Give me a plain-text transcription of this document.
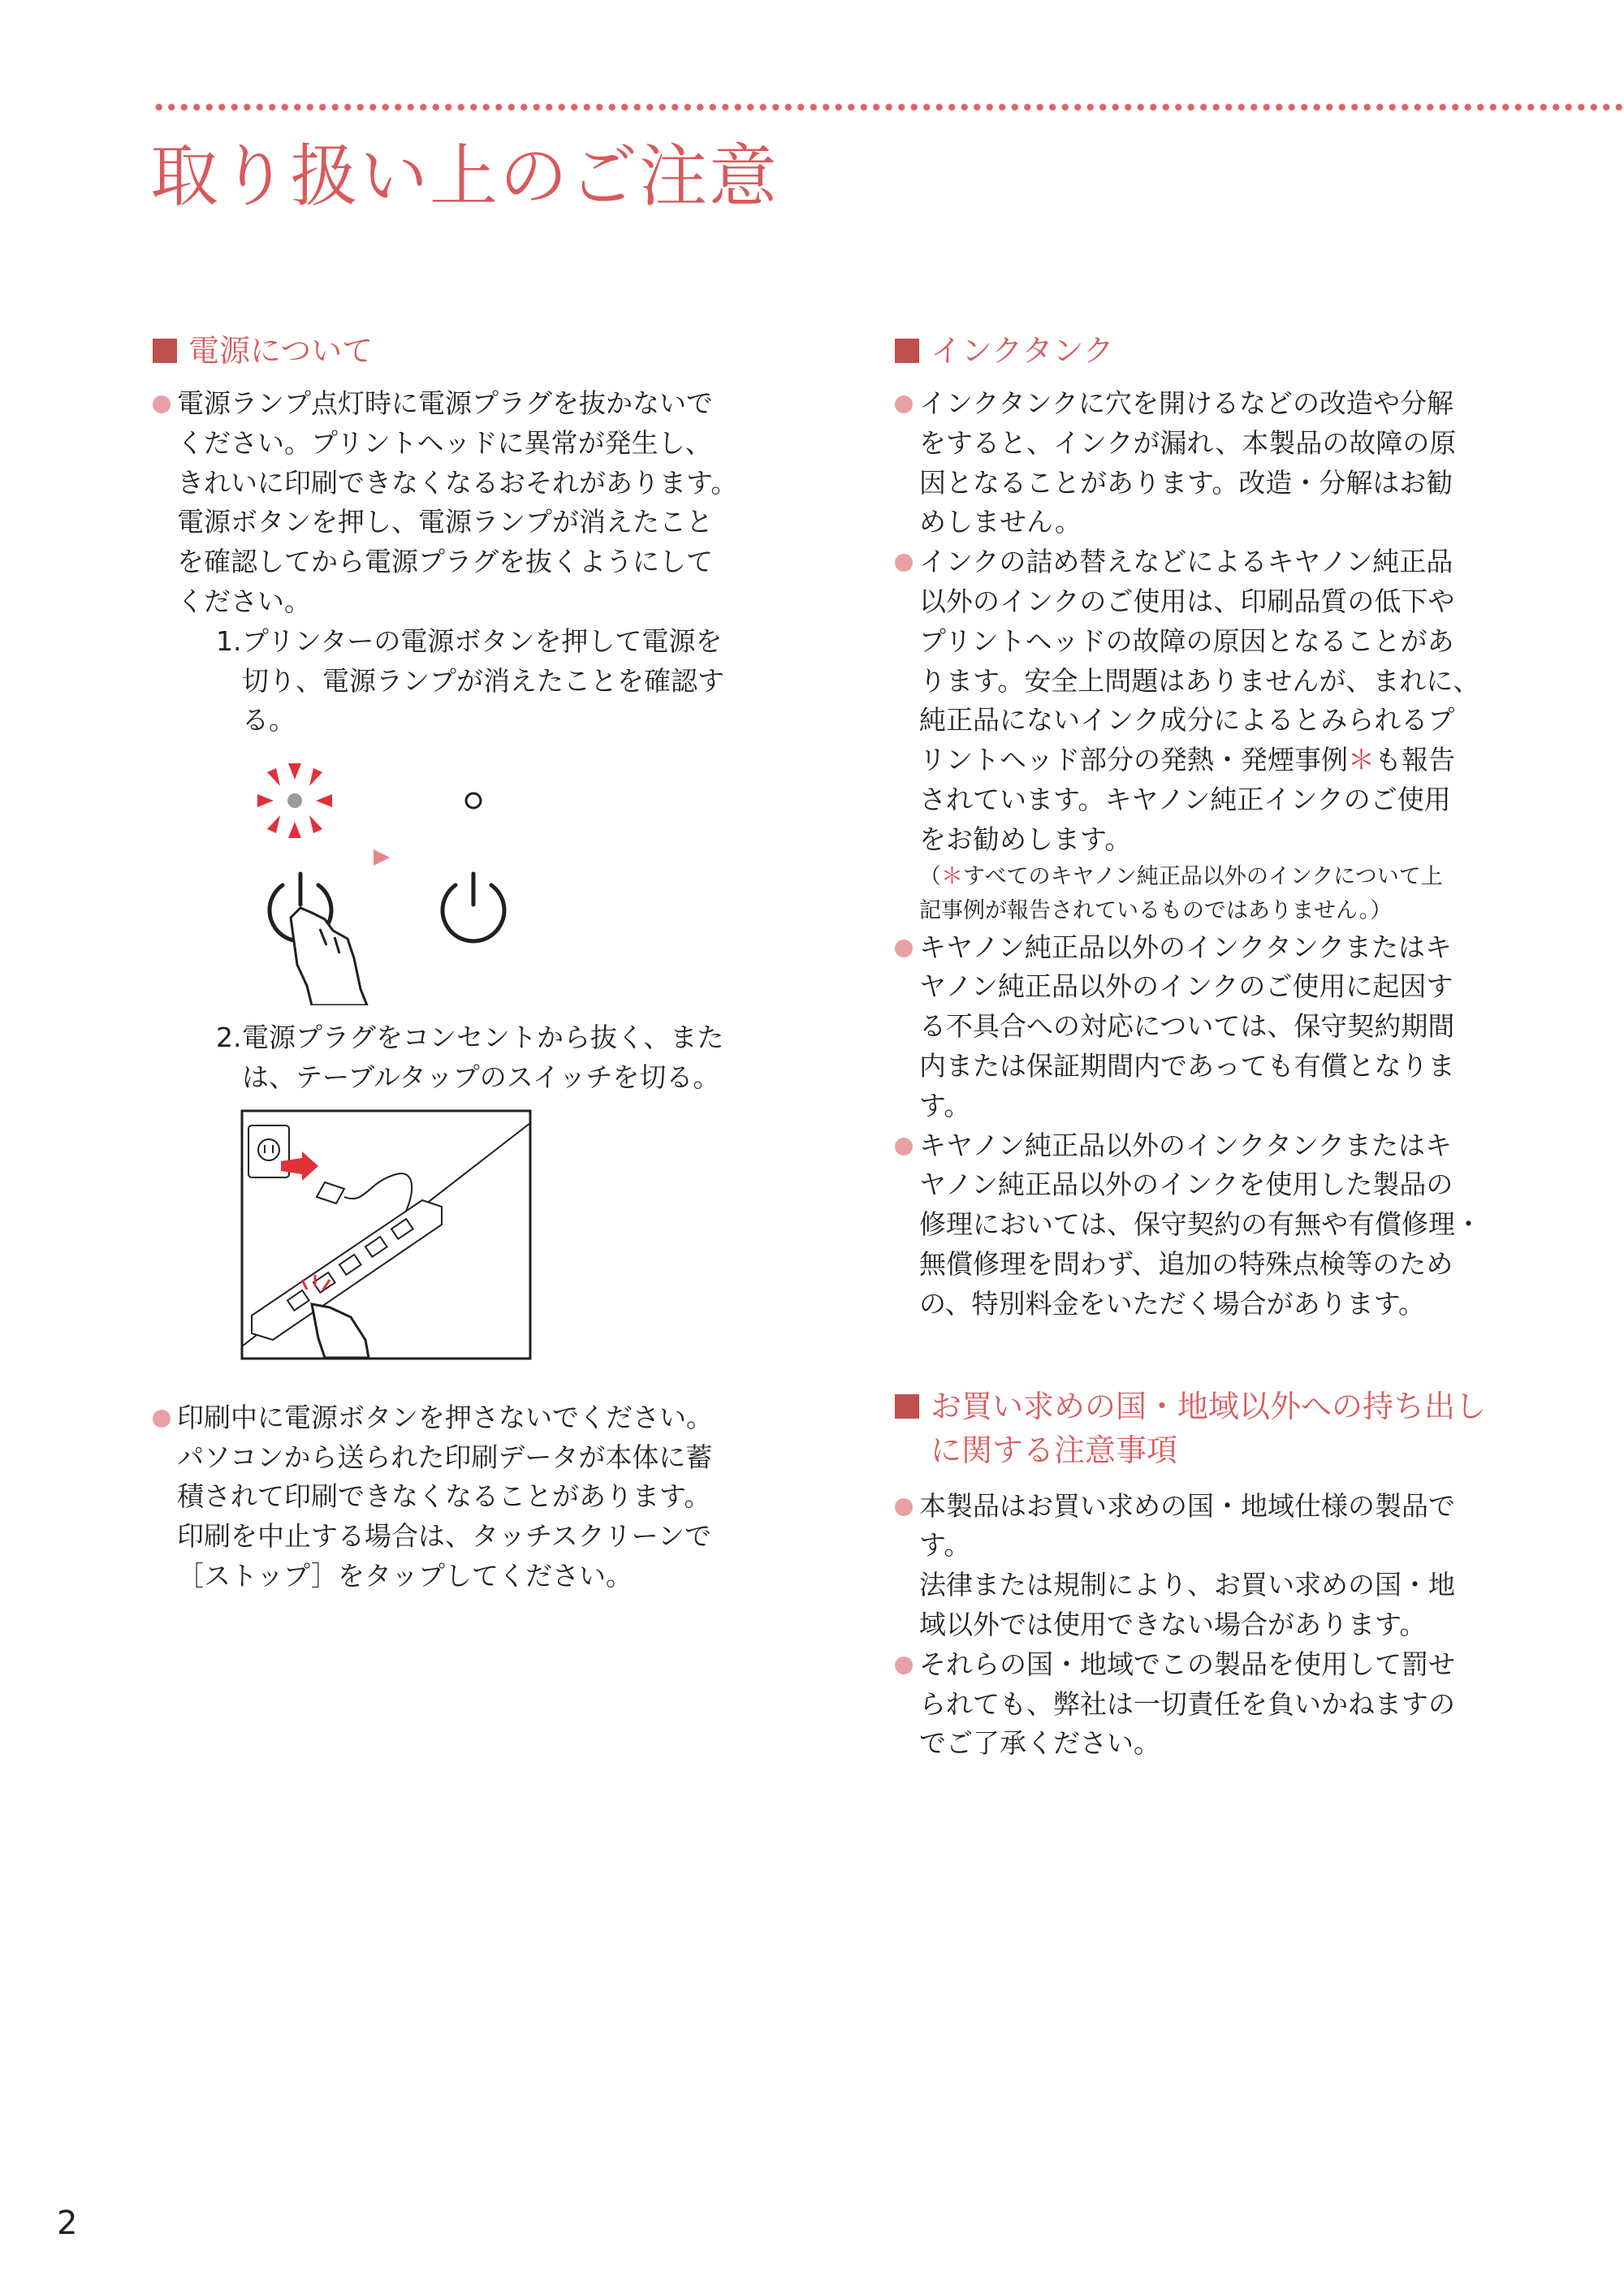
取り扱い上のご注意
電源について

電源ランプ点灯時に電源プラグを抜かないで
ください。プリントヘッドに異常が発生し、
きれいに印刷できなくなるおそれがあります。
電源ボタンを押し、電源ランプが消えたこと
を確認してから電源プラグを抜くようにして
ください。

1. プリンターの電源ボタンを押して電源を
切り、電源ランプが消えたことを確認す
る。
2. 電源プラグをコンセントから抜く、また
は、テーブルタップのスイッチを切る。

印刷中に電源ボタンを押さないでください。
パソコンから送られた印刷データが本体に蓄
積されて印刷できなくなることがあります。
印刷を中止する場合は、タッチスクリーンで
［ストップ］をタップしてください。

インクタンク

インクタンクに穴を開けるなどの改造や分解
をすると、インクが漏れ、本製品の故障の原
因となることがあります。改造・分解はお勧
めしません。

インクの詰め替えなどによるキヤノン純正品
以外のインクのご使用は、印刷品質の低下や
プリントヘッドの故障の原因となることがあ
ります。安全上問題はありませんが、まれに、
純正品にないインク成分によるとみられるプ
リントヘッド部分の発熱・発煙事例＊も報告
されています。キヤノン純正インクのご使用
をお勧めします。

（＊すべてのキヤノン純正品以外のインクについて上
記事例が報告されているものではありません。）

キヤノン純正品以外のインクタンクまたはキ
ヤノン純正品以外のインクのご使用に起因す
る不具合への対応については、保守契約期間
内または保証期間内であっても有償となりま
す。

キヤノン純正品以外のインクタンクまたはキ
ヤノン純正品以外のインクを使用した製品の
修理においては、保守契約の有無や有償修理・
無償修理を問わず、追加の特殊点検等のため
の、特別料金をいただく場合があります。

お買い求めの国・地域以外への持ち出し
に関する注意事項

本製品はお買い求めの国・地域仕様の製品で
す。

法律または規制により、お買い求めの国・地
域以外では使用できない場合があります。

それらの国・地域でこの製品を使用して罰せ
られても、弊社は一切責任を負いかねますの
でご了承ください。

2
